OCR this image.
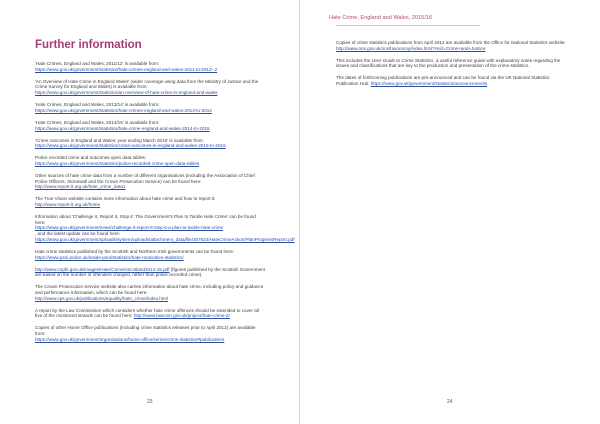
Further information
'Hate Crimes, England and Wales, 2011/12' is available from:
https://www.gov.uk/government/statistics/hate-crimes-england-and-wales-2011-to-2012--2
'An Overview of Hate Crime in England Wales' (wider coverage using data from the Ministry of Justice and the Crime Survey for England and Wales) is available from:
https://www.gov.uk/government/statistics/an-overview-of-hate-crime-in-england-and-wales
'Hate Crimes, England and Wales, 2013/14' is available from:
https://www.gov.uk/government/statistics/hate-crimes-england-and-wales-2013-to-2014
'Hate Crimes, England and Wales, 2014/15' is available from:
https://www.gov.uk/government/statistics/hate-crime-england-and-wales-2014-to-2015
'Crime outcomes in England and Wales: year ending March 2016' is available from:
https://www.gov.uk/government/statistics/crime-outcomes-in-england-and-wales-2015-to-2016
Police recorded crime and outcomes open data tables:
https://www.gov.uk/government/statistics/police-recorded-crime-open-data-tables
Other sources of hate crime data from a number of different organisations (including the Association of Chief Police Officers, Stonewall and the Crown Prosecution Service) can be found here:
http://www.report-it.org.uk/hate_crime_data1
The True Vision website contains more information about hate crime and how to report it:
http://www.report-it.org.uk/home
Information about 'Challenge it, Report it, Stop it: The Government's Plan to Tackle Hate Crime' can be found here:
https://www.gov.uk/government/news/challenge-it-report-it-stop-it-a-plan-to-tackle-hate-crime
, and the latest update can be found here:
https://www.gov.uk/government/uploads/system/uploads/attachment_data/file/307624/HateCrimeAction/PlanProgressReport.pdf
Hate crime statistics published by the Scottish and Northern Irish governments can be found here:
https://www.psni.police.uk/inside-psni/Statistics/hate-motivation-statistics/
http://www.copfs.gov.uk/images/Hate/CrimeinScotland2014-15.pdf (figures published by the Scottish Government are based on the number of offenders charged, rather than police recorded crime).
The Crown Prosecution Service website also carries information about hate crime, including policy and guidance and performance information, which can be found here:
http://www.cps.gov.uk/publications/equality/hate_crime/index.html
A report by the Law Commission which considers whether hate crime offences should be extended to cover all five of the monitored strands can be found here: http://www.lawcom.gov.uk/project/hate-crime-2/
Copies of other Home Office publications (including crime statistics releases prior to April 2012) are available from:
https://www.gov.uk/government/organisations/home-office/series/crime-statistics#publications
23
Copies of crime statistics publications from April 2012 are available from the Office for National Statistics website:
http://www.ons.gov.uk/ons/taxonomy/index.html?nscl=Crime+and+Justice
This includes the User Guide to Crime Statistics, a useful reference guide with explanatory notes regarding the issues and classifications that are key to the production and presentation of the crime statistics.
The dates of forthcoming publications are pre-announced and can be found via the UK National Statistics Publication Hub: https://www.gov.uk/government/statistics/announcements
24
Hate Crime, England and Wales, 2015/16
